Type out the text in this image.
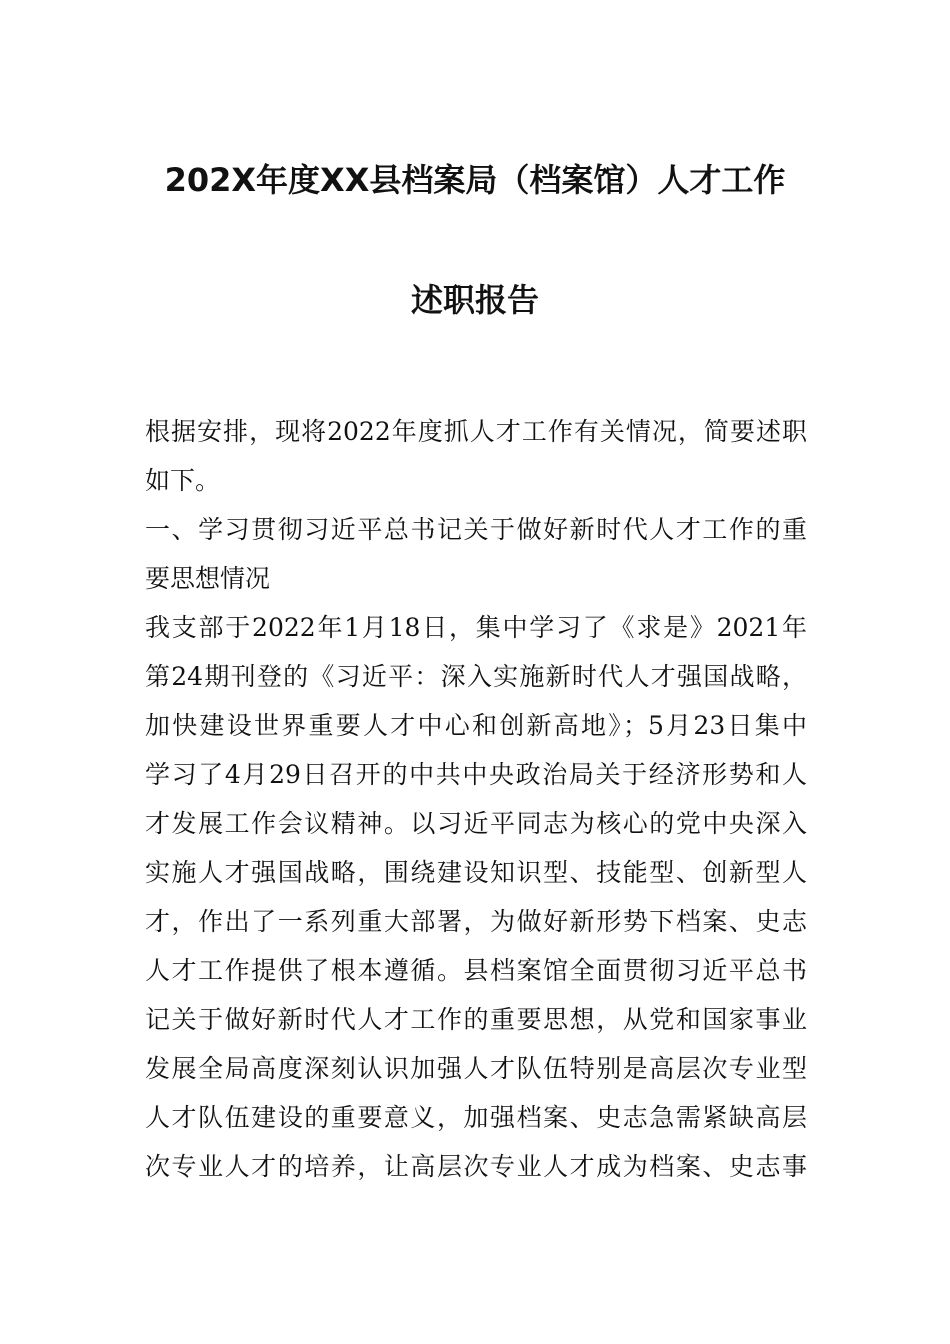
202X年度XX县档案局（档案馆）人才工作
述职报告
根据安排，现将2022年度抓人才工作有关情况，简要述职
如下。
一、学习贯彻习近平总书记关于做好新时代人才工作的重
要思想情况
我支部于2022年1月18日，集中学习了《求是》2021年
第24期刊登的《习近平：深入实施新时代人才强国战略，
加快建设世界重要人才中心和创新高地》；5月23日集中
学习了4月29日召开的中共中央政治局关于经济形势和人
才发展工作会议精神。以习近平同志为核心的党中央深入
实施人才强国战略，围绕建设知识型、技能型、创新型人
才，作出了一系列重大部署，为做好新形势下档案、史志
人才工作提供了根本遵循。县档案馆全面贯彻习近平总书
记关于做好新时代人才工作的重要思想，从党和国家事业
发展全局高度深刻认识加强人才队伍特别是高层次专业型
人才队伍建设的重要意义，加强档案、史志急需紧缺高层
次专业人才的培养，让高层次专业人才成为档案、史志事
